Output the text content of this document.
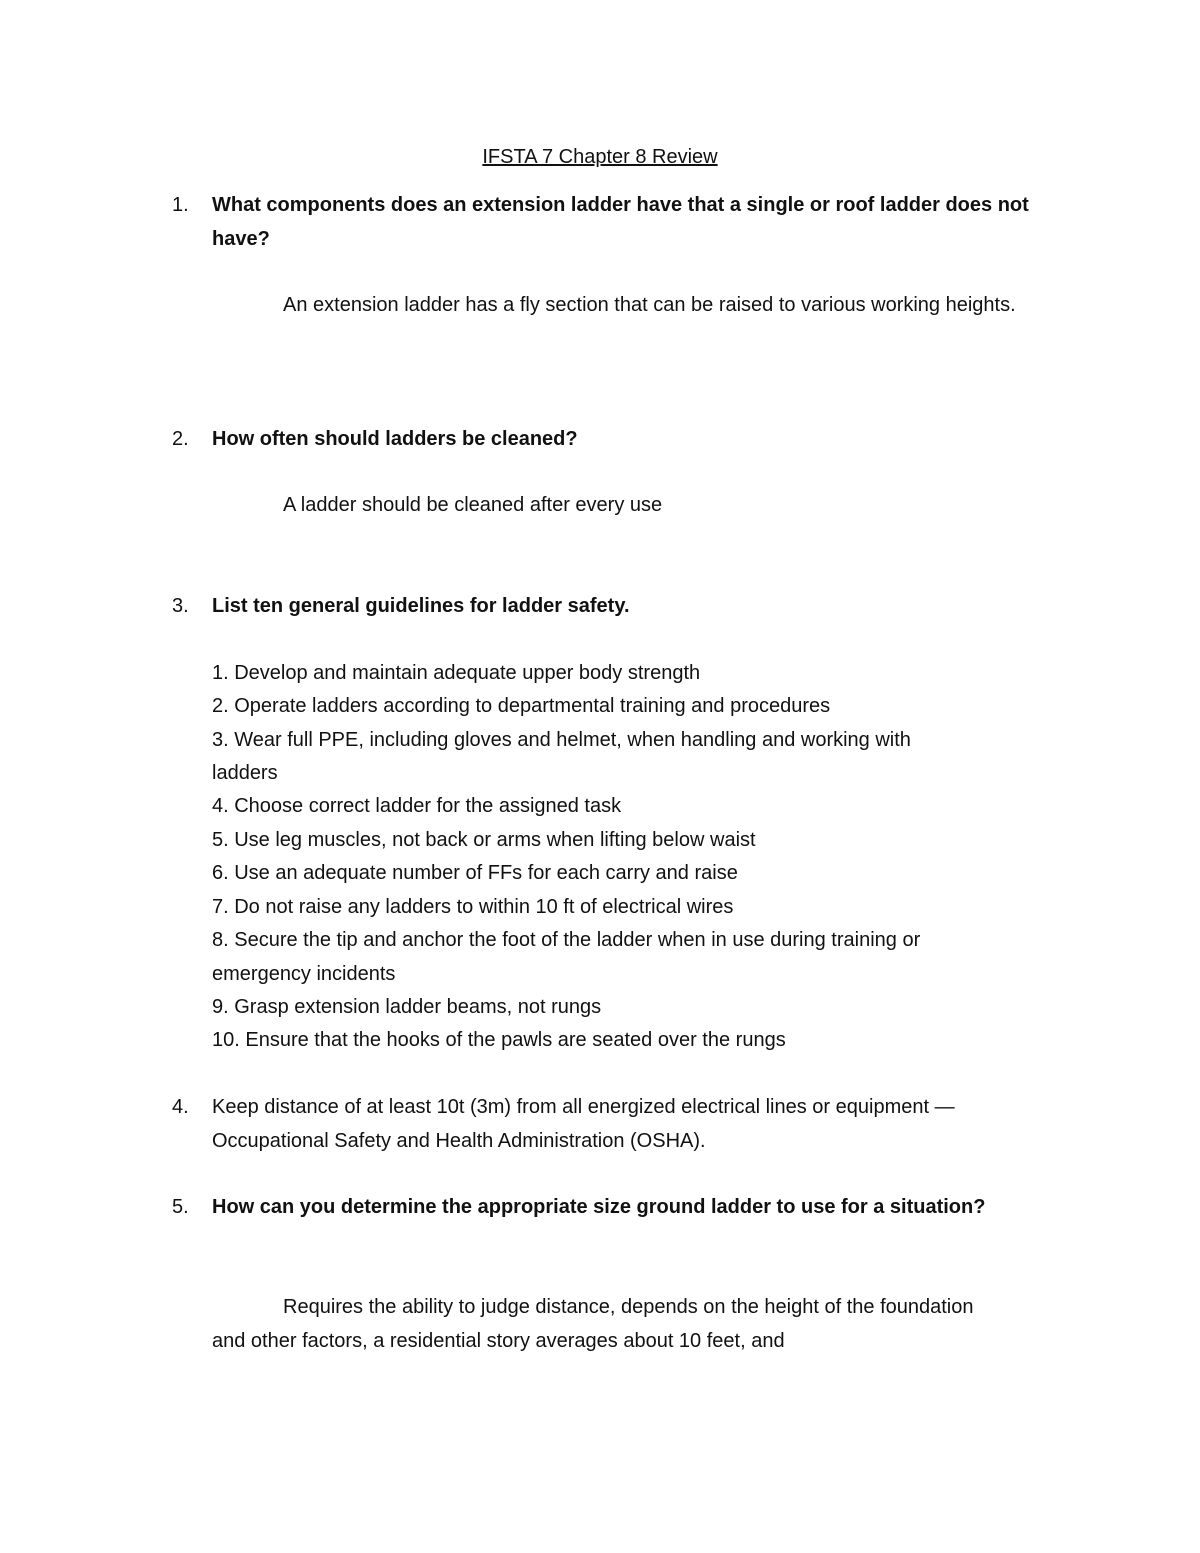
IFSTA 7 Chapter 8 Review
1.	What components does an extension ladder have that a single or roof ladder does not have?
An extension ladder has a fly section that can be raised to various working heights.
2.	How often should ladders be cleaned?
A ladder should be cleaned after every use
3.	List ten general guidelines for ladder safety.
1. Develop and maintain adequate upper body strength
2. Operate ladders according to departmental training and procedures
3. Wear full PPE, including gloves and helmet, when handling and working with
ladders
4. Choose correct ladder for the assigned task
5. Use leg muscles, not back or arms when lifting below waist
6. Use an adequate number of FFs for each carry and raise
7. Do not raise any ladders to within 10 ft of electrical wires
8. Secure the tip and anchor the foot of the ladder when in use during training or
emergency incidents
9. Grasp extension ladder beams, not rungs
10. Ensure that the hooks of the pawls are seated over the rungs
4.	Keep distance of at least 10t (3m) from all energized electrical lines or equipment — Occupational Safety and Health Administration (OSHA).
5.	How can you determine the appropriate size ground ladder to use for a situation?
Requires the ability to judge distance, depends on the height of the foundation and other factors, a residential story averages about 10 feet, and
